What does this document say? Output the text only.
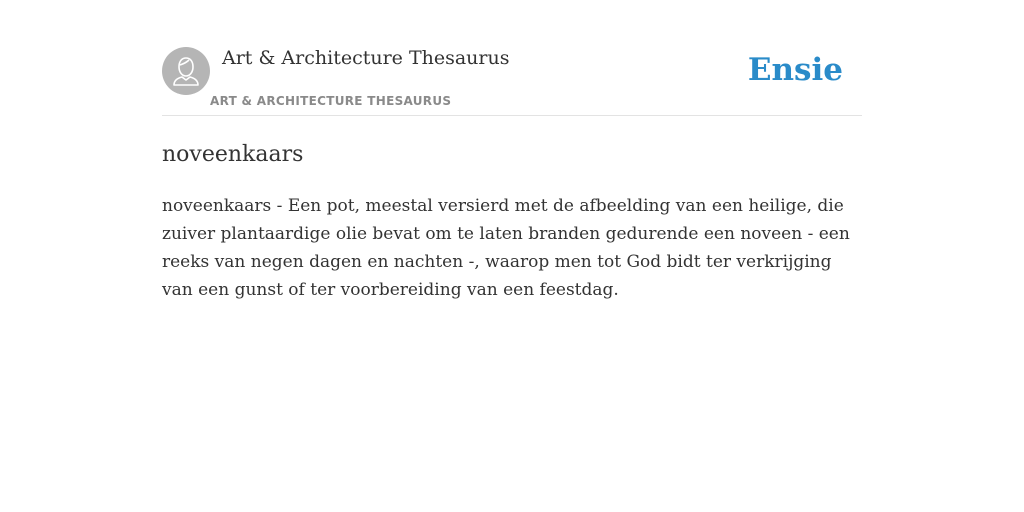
Art & Architecture Thesaurus
ART & ARCHITECTURE THESAURUS
Ensie
noveenkaars

noveenkaars - Een pot, meestal versierd met de afbeelding van een heilige, die zuiver plantaardige olie bevat om te laten branden gedurende een noveen - een reeks van negen dagen en nachten -, waarop men tot God bidt ter verkrijging van een gunst of ter voorbereiding van een feestdag.
